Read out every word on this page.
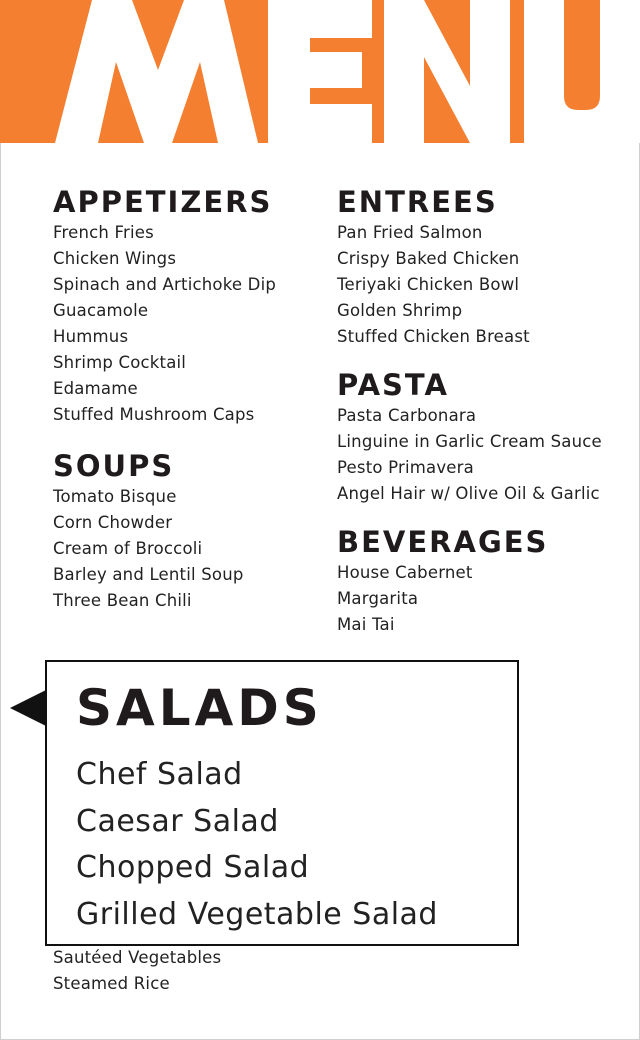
APPETIZERS
French Fries
Chicken Wings
Spinach and Artichoke Dip
Guacamole
Hummus
Shrimp Cocktail
Edamame
Stuffed Mushroom Caps
SOUPS
Tomato Bisque
Corn Chowder
Cream of Broccoli
Barley and Lentil Soup
Three Bean Chili
ENTREES
Pan Fried Salmon
Crispy Baked Chicken
Teriyaki Chicken Bowl
Golden Shrimp
Stuffed Chicken Breast
PASTA
Pasta Carbonara
Linguine in Garlic Cream Sauce
Pesto Primavera
Angel Hair w/ Olive Oil & Garlic
BEVERAGES
House Cabernet
Margarita
Mai Tai
Sautéed Vegetables
Steamed Rice
SALADS
Chef Salad
Caesar Salad
Chopped Salad
Grilled Vegetable Salad
